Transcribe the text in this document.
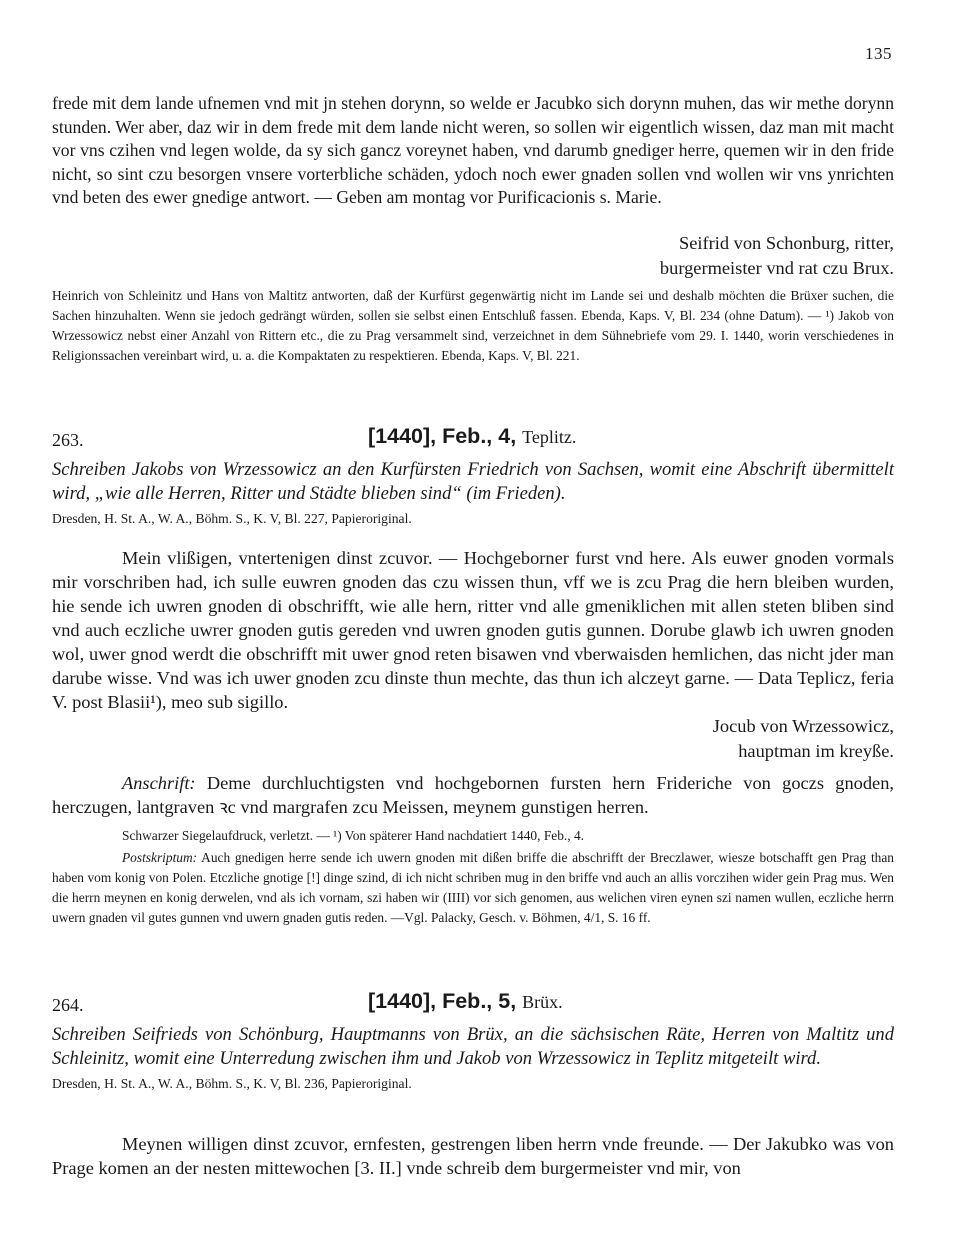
135
frede mit dem lande ufnemen vnd mit jn stehen dorynn, so welde er Jacubko sich dorynn muhen, das wir methe dorynn stunden. Wer aber, daz wir in dem frede mit dem lande nicht weren, so sollen wir eigentlich wissen, daz man mit macht vor vns czihen vnd legen wolde, da sy sich gancz voreynet haben, vnd darumb gnediger herre, quemen wir in den fride nicht, so sint czu besorgen vnsere vorterbliche schäden, ydoch noch ewer gnaden sollen vnd wollen wir vns ynrichten vnd beten des ewer gnedige antwort. — Geben am montag vor Purificacionis s. Marie.
Seifrid von Schonburg, ritter,
burgermeister vnd rat czu Brux.
Heinrich von Schleinitz und Hans von Maltitz antworten, daß der Kurfürst gegenwärtig nicht im Lande sei und deshalb möchten die Brüxer suchen, die Sachen hinzuhalten. Wenn sie jedoch gedrängt würden, sollen sie selbst einen Entschluß fassen. Ebenda, Kaps. V, Bl. 234 (ohne Datum). — ¹) Jakob von Wrzessowicz nebst einer Anzahl von Rittern etc., die zu Prag versammelt sind, verzeichnet in dem Sühnebriefe vom 29. I. 1440, worin verschiedenes in Religionssachen vereinbart wird, u. a. die Kompaktaten zu respektieren. Ebenda, Kaps. V, Bl. 221.
263.	[1440], Feb., 4, Teplitz.
Schreiben Jakobs von Wrzessowicz an den Kurfürsten Friedrich von Sachsen, womit eine Abschrift übermittelt wird, „wie alle Herren, Ritter und Städte blieben sind“ (im Frieden).
Dresden, H. St. A., W. A., Böhm. S., K. V, Bl. 227, Papieroriginal.
Mein vlißigen, vntertenigen dinst zcuvor. — Hochgeborner furst vnd here. Als euwer gnoden vormals mir vorschriben had, ich sulle euwren gnoden das czu wissen thun, vff we is zcu Prag die hern bleiben wurden, hie sende ich uwren gnoden di obschrifft, wie alle hern, ritter vnd alle gmeniklichen mit allen steten bliben sind vnd auch eczliche uwrer gnoden gutis gereden vnd uwren gnoden gutis gunnen. Dorube glawb ich uwren gnoden wol, uwer gnod werdt die obschrifft mit uwer gnod reten bisawen vnd vberwaisden hemlichen, das nicht jder man darube wisse. Vnd was ich uwer gnoden zcu dinste thun mechte, das thun ich alczeyt garne. — Data Teplicz, feria V. post Blasii¹), meo sub sigillo.
Jocub von Wrzessowicz,
hauptman im kreyße.
Anschrift: Deme durchluchtigsten vnd hochgebornen fursten hern Frideriche von goczs gnoden, herczugen, lantgraven ꝛc vnd margrafen zcu Meissen, meynem gunstigen herren.
Schwarzer Siegelaufdruck, verletzt. — ¹) Von späterer Hand nachdatiert 1440, Feb., 4.
Postskriptum: Auch gnedigen herre sende ich uwern gnoden mit dißen briffe die abschrifft der Breczlawer, wiesze botschafft gen Prag than haben vom konig von Polen. Etczliche gnotige [!] dinge szind, di ich nicht schriben mug in den briffe vnd auch an allis vorczihen wider gein Prag mus. Wen die herrn meynen en konig derwelen, vnd als ich vornam, szi haben wir (IIII) vor sich genomen, aus welichen viren eynen szi namen wullen, eczliche herrn uwern gnaden vil gutes gunnen vnd uwern gnaden gutis reden. —Vgl. Palacky, Gesch. v. Böhmen, 4/1, S. 16 ff.
264.	[1440], Feb., 5, Brüx.
Schreiben Seifrieds von Schönburg, Hauptmanns von Brüx, an die sächsischen Räte, Herren von Maltitz und Schleinitz, womit eine Unterredung zwischen ihm und Jakob von Wrzessowicz in Teplitz mitgeteilt wird.
Dresden, H. St. A., W. A., Böhm. S., K. V, Bl. 236, Papieroriginal.
Meynen willigen dinst zcuvor, ernfesten, gestrengen liben herrn vnde freunde. — Der Jakubko was von Prage komen an der nesten mittewochen [3. II.] vnde schreib dem burgermeister vnd mir, von
